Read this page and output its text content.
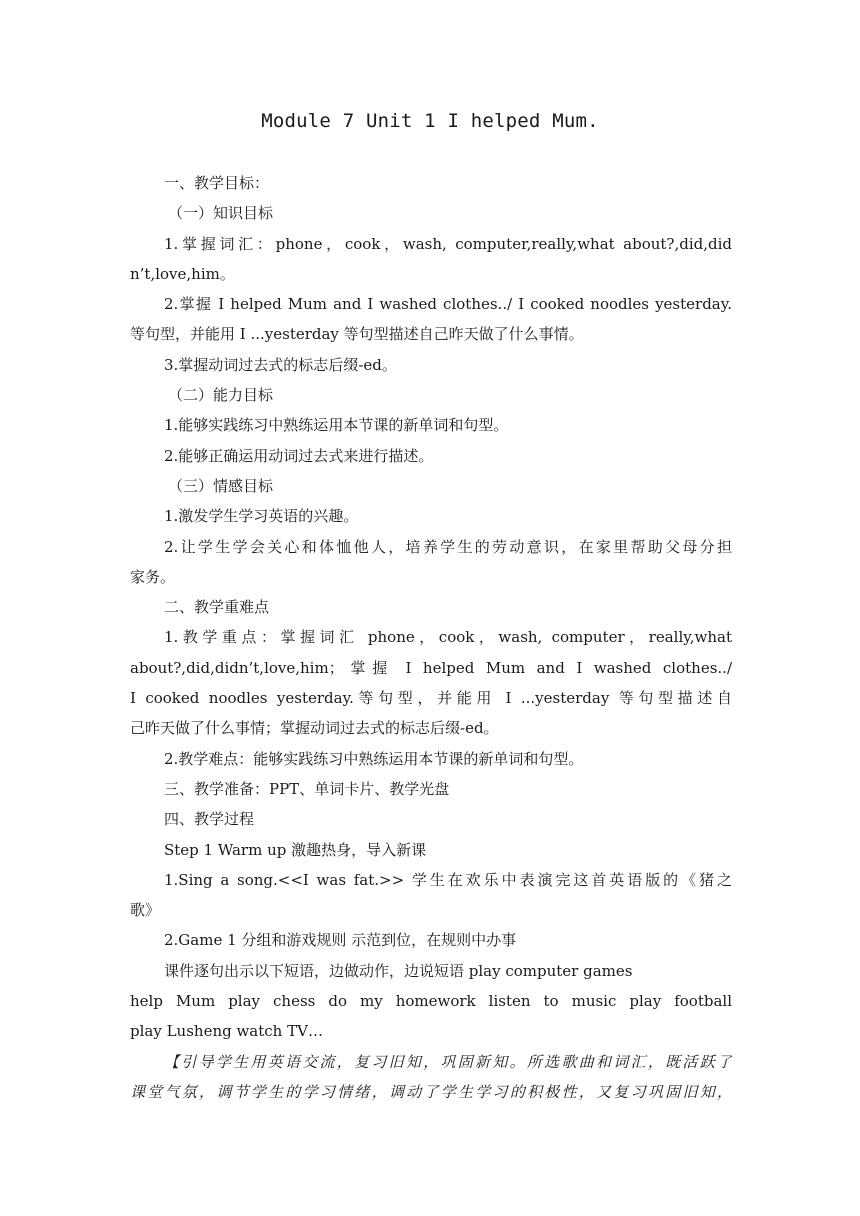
Module 7 Unit 1 I helped Mum.
一、教学目标：
（一）知识目标
1.掌握词汇：phone，cook，wash, computer,really,what about?,did,did
n’t,love,him。
2.掌握 I helped Mum and I washed clothes../ I cooked noodles yesterday.
等句型，并能用 I ...yesterday 等句型描述自己昨天做了什么事情。
3.掌握动词过去式的标志后缀-ed。
（二）能力目标
1.能够实践练习中熟练运用本节课的新单词和句型。
2.能够正确运用动词过去式来进行描述。
（三）情感目标
1.激发学生学习英语的兴趣。
2.让学生学会关心和体恤他人，培养学生的劳动意识，在家里帮助父母分担
家务。
二、教学重难点
1.教学重点：掌握词汇 phone，cook，wash, computer，really,what
about?,did,didn’t,love,him；掌握 I helped Mum and I washed clothes../
I cooked noodles yesterday.等句型，并能用 I ...yesterday 等句型描述自
己昨天做了什么事情；掌握动词过去式的标志后缀-ed。
2.教学难点：能够实践练习中熟练运用本节课的新单词和句型。
三、教学准备：PPT、单词卡片、教学光盘
四、教学过程
Step 1 Warm up 激趣热身，导入新课
1.Sing a song.<<I was fat.>> 学生在欢乐中表演完这首英语版的《猪之
歌》
2.Game 1 分组和游戏规则 示范到位，在规则中办事
课件逐句出示以下短语，边做动作，边说短语 play computer games
help Mum play chess do my homework listen to music play football
play Lusheng watch TV…
【引导学生用英语交流，复习旧知，巩固新知。所选歌曲和词汇，既活跃了
课堂气氛，调节学生的学习情绪，调动了学生学习的积极性，又复习巩固旧知，
